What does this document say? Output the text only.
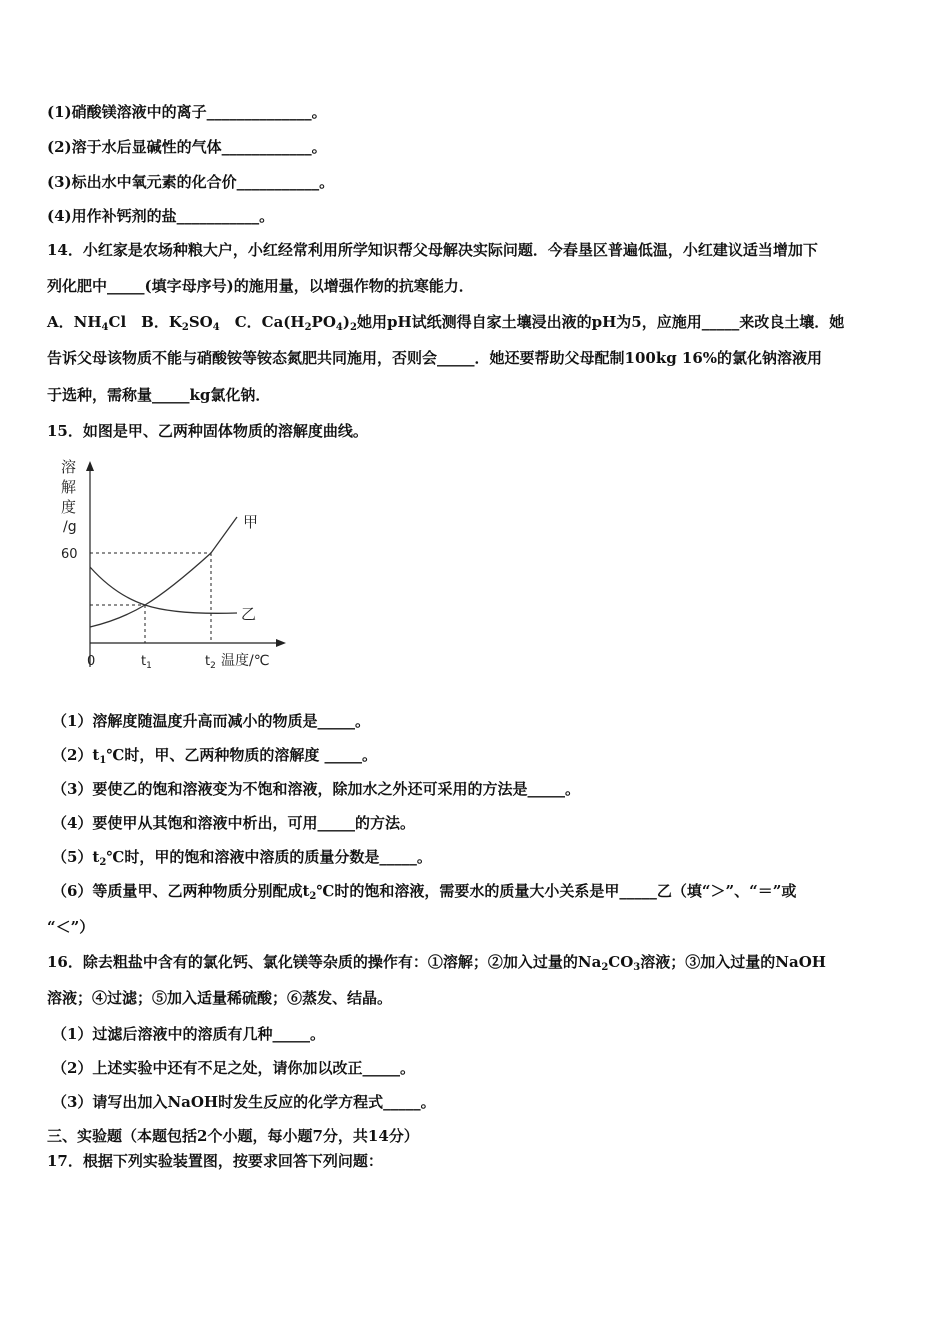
(1)硝酸镁溶液中的离子______________。
(2)溶于水后显碱性的气体____________。
(3)标出水中氧元素的化合价___________。
(4)用作补钙剂的盐___________。
14．小红家是农场种粮大户，小红经常利用所学知识帮父母解决实际问题．今春垦区普遍低温，小红建议适当增加下
列化肥中_____(填字母序号)的施用量，以增强作物的抗寒能力．
A．$NH_4Cl$　B．$K_2SO_4$　C．$Ca(H_2PO_4)_2$她用pH试纸测得自家土壤浸出液的pH为5，应施用_____来改良土壤．她
告诉父母该物质不能与硝酸铵等铵态氮肥共同施用，否则会_____．她还要帮助父母配制100kg 16%的氯化钠溶液用
于选种，需称量_____kg氯化钠．
15．如图是甲、乙两种固体物质的溶解度曲线。
溶
解
度
/g
60
甲
乙
0	$t_1$	$t_2$ 温度/℃
（1）溶解度随温度升高而减小的物质是_____。
$(2)t_1℃$时，甲、乙两种物质的溶解度 _____。
（3）要使乙的饱和溶液变为不饱和溶液，除加水之外还可采用的方法是_____。
（4）要使甲从其饱和溶液中析出，可用_____的方法。
$(5)t_2℃$时，甲的饱和溶液中溶质的质量分数是_____。
（6）等质量甲、乙两种物质分别配成$t_2℃$时的饱和溶液，需要水的质量大小关系是甲_____乙（填“＞”、“＝”或
“＜”）
16．除去粗盐中含有的氯化钙、氯化镁等杂质的操作有：①溶解；②加入过量的$Na_2CO_3$溶液；③加入过量的NaOH
溶液；④过滤；⑤加入适量稀硫酸；⑥蒸发、结晶。
（1）过滤后溶液中的溶质有几种_____。
（2）上述实验中还有不足之处，请你加以改正_____。
（3）请写出加入NaOH时发生反应的化学方程式_____。
三、实验题（本题包括2个小题，每小题7分，共14分）
17．根据下列实验装置图，按要求回答下列问题：
